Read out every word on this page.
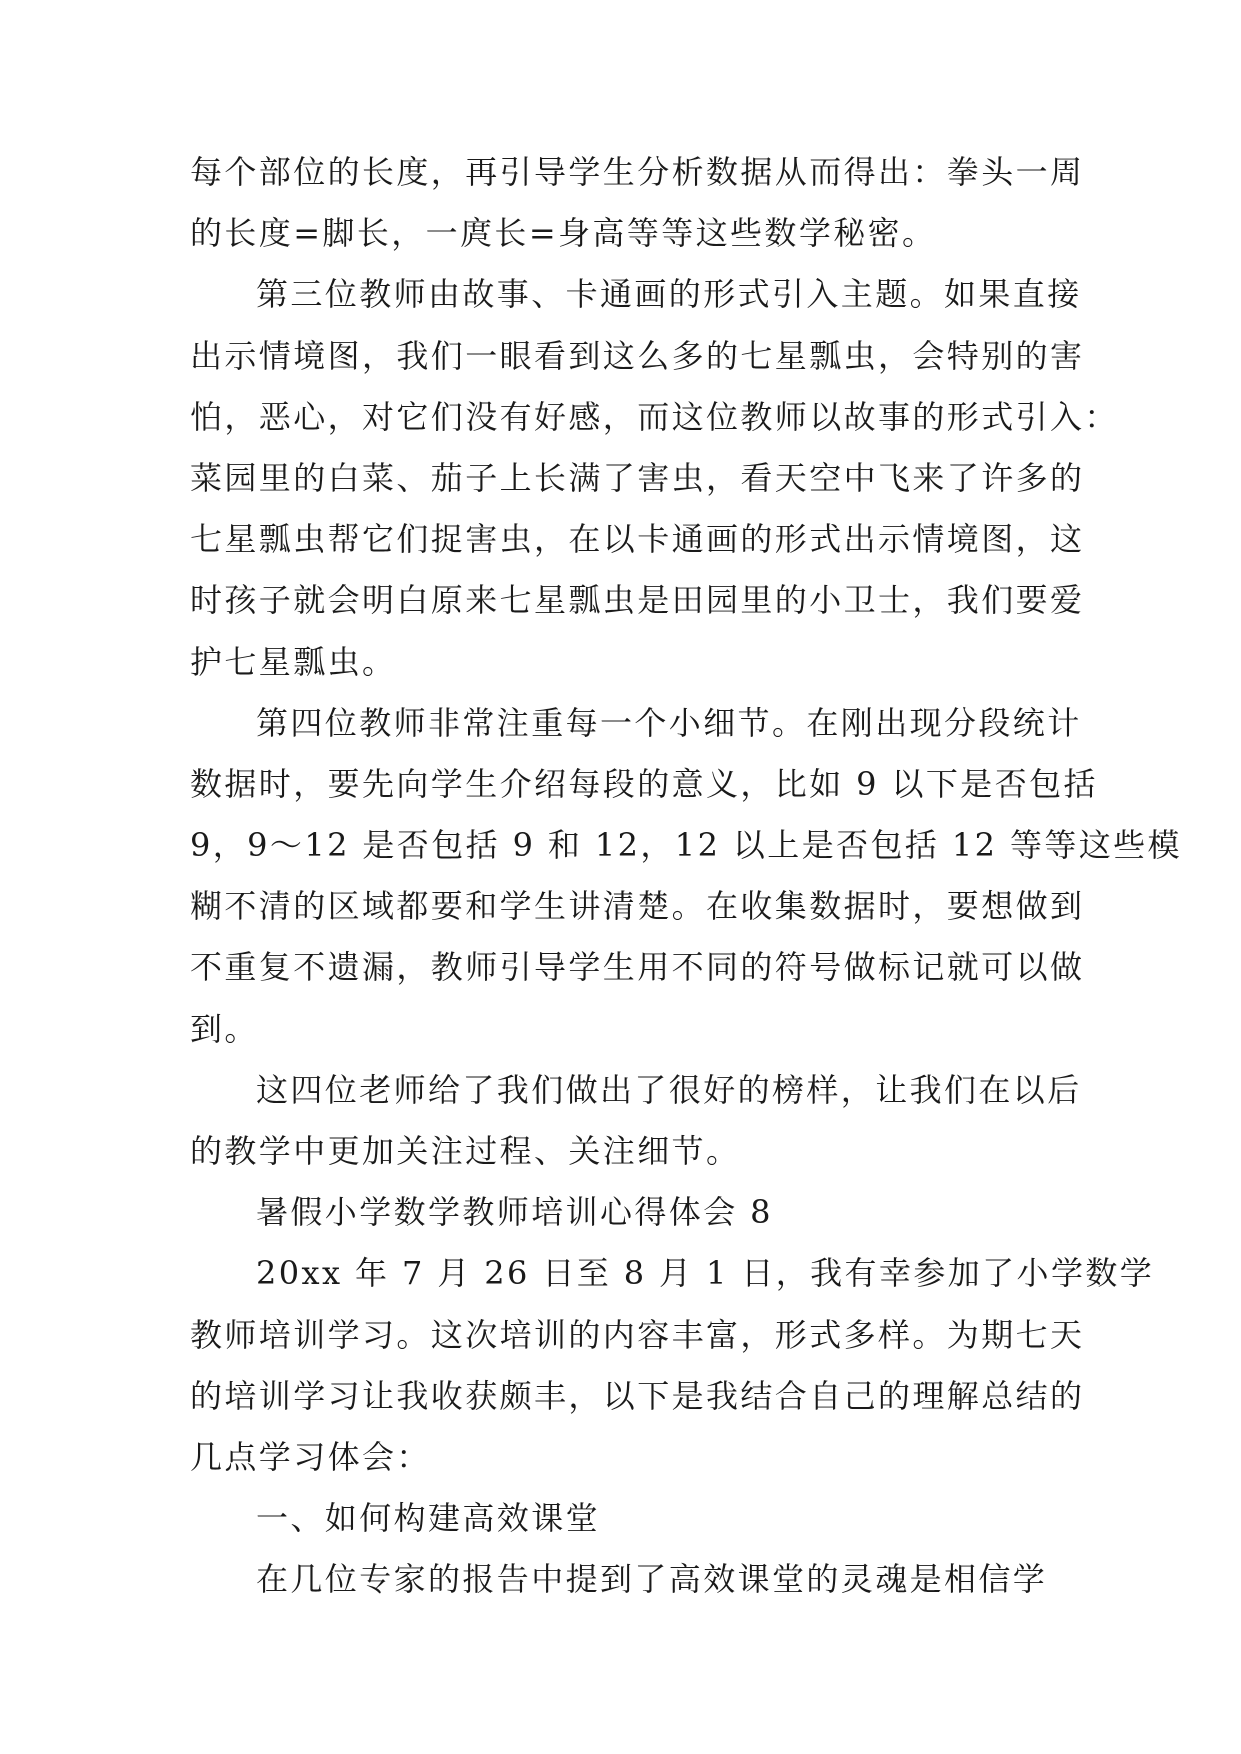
每个部位的长度，再引导学生分析数据从而得出：拳头一周
的长度=脚长，一庹长=身高等等这些数学秘密。
第三位教师由故事、卡通画的形式引入主题。如果直接
出示情境图，我们一眼看到这么多的七星瓢虫，会特别的害
怕，恶心，对它们没有好感，而这位教师以故事的形式引入：
菜园里的白菜、茄子上长满了害虫，看天空中飞来了许多的
七星瓢虫帮它们捉害虫，在以卡通画的形式出示情境图，这
时孩子就会明白原来七星瓢虫是田园里的小卫士，我们要爱
护七星瓢虫。
第四位教师非常注重每一个小细节。在刚出现分段统计
数据时，要先向学生介绍每段的意义，比如 9 以下是否包括
9，9～12 是否包括 9 和 12，12 以上是否包括 12 等等这些模
糊不清的区域都要和学生讲清楚。在收集数据时，要想做到
不重复不遗漏，教师引导学生用不同的符号做标记就可以做
到。
这四位老师给了我们做出了很好的榜样，让我们在以后
的教学中更加关注过程、关注细节。
暑假小学数学教师培训心得体会 8
20xx 年 7 月 26 日至 8 月 1 日，我有幸参加了小学数学
教师培训学习。这次培训的内容丰富，形式多样。为期七天
的培训学习让我收获颇丰，以下是我结合自己的理解总结的
几点学习体会：
一、如何构建高效课堂
在几位专家的报告中提到了高效课堂的灵魂是相信学
